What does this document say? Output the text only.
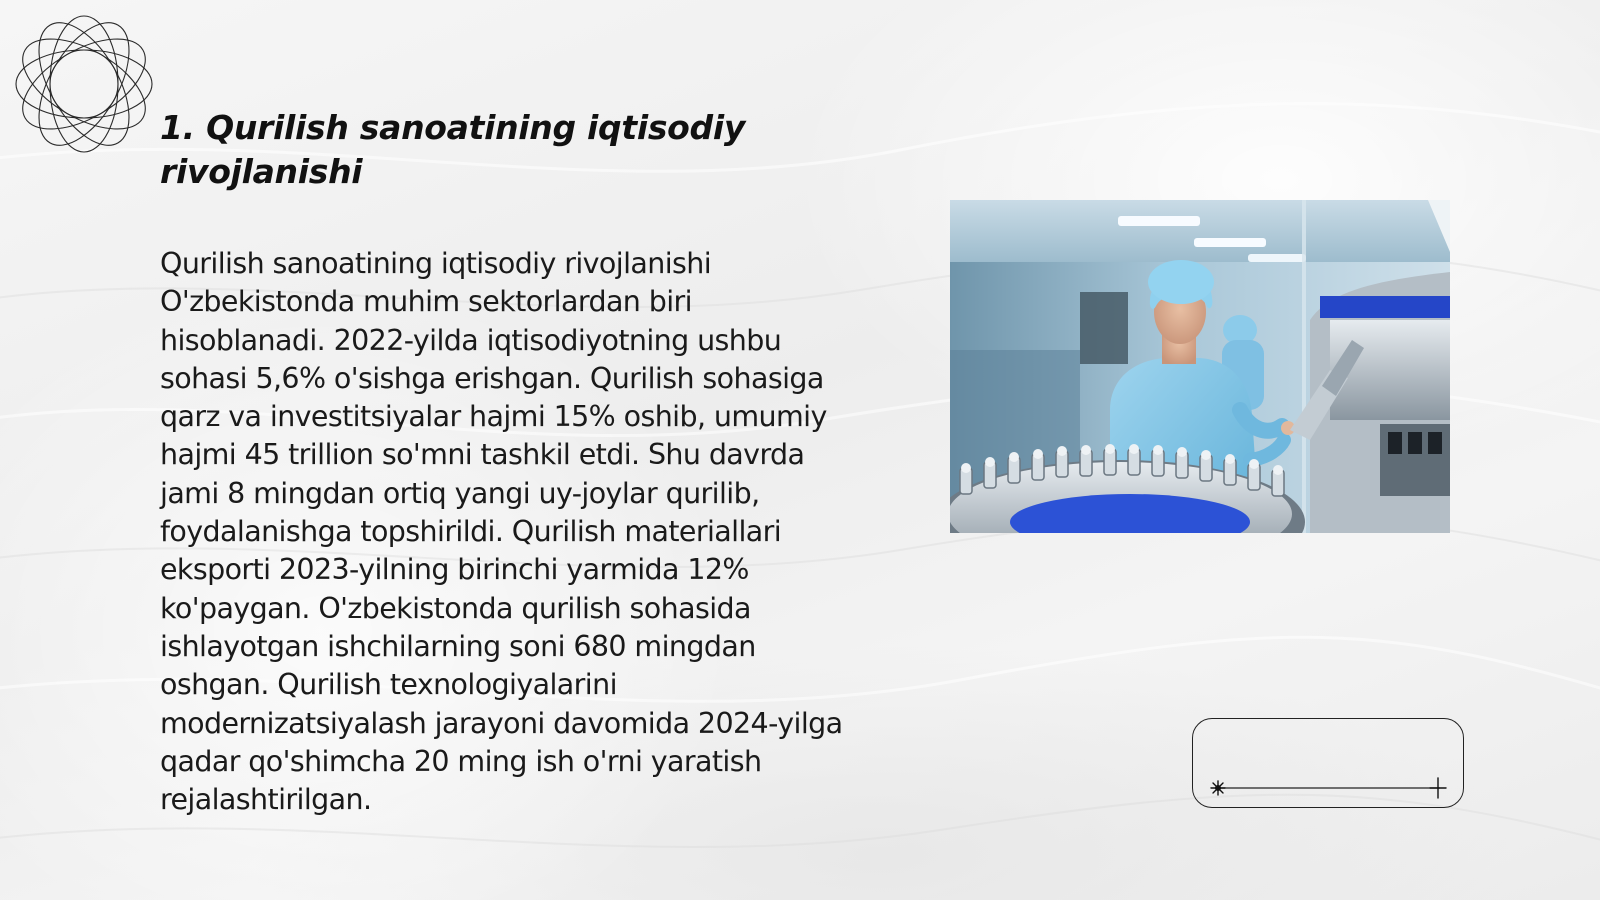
1. Qurilish sanoatining iqtisodiy rivojlanishi

Qurilish sanoatining iqtisodiy rivojlanishi O'zbekistonda muhim sektorlardan biri hisoblanadi. 2022-yilda iqtisodiyotning ushbu sohasi 5,6% o'sishga erishgan. Qurilish sohasiga qarz va investitsiyalar hajmi 15% oshib, umumiy hajmi 45 trillion so'mni tashkil etdi. Shu davrda jami 8 mingdan ortiq yangi uy-joylar qurilib, foydalanishga topshirildi. Qurilish materiallari eksporti 2023-yilning birinchi yarmida 12% ko'paygan. O'zbekistonda qurilish sohasida ishlayotgan ishchilarning soni 680 mingdan oshgan. Qurilish texnologiyalarini modernizatsiyalash jarayoni davomida 2024-yilga qadar qo'shimcha 20 ming ish o'rni yaratish rejalashtirilgan.
